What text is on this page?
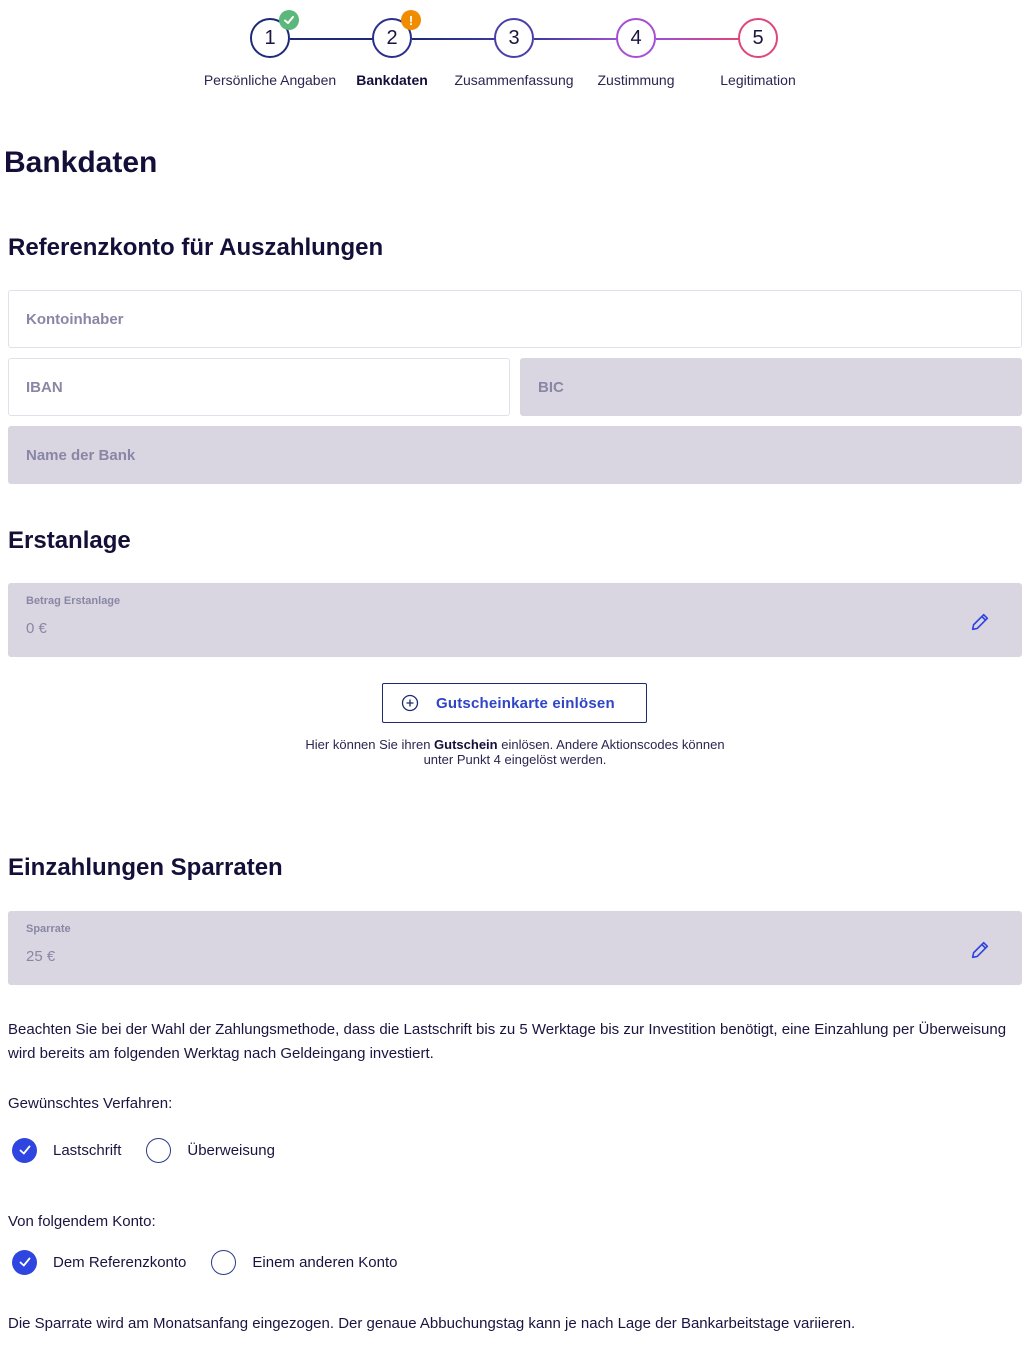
1	2
!
3	4	5
Persönliche Angaben Bankdaten Zusammenfassung Zustimmung	Legitimation
Bankdaten
Referenzkonto für Auszahlungen
Kontoinhaber
IBAN	BIC
Name der Bank
Erstanlage
Betrag Erstanlage
0 €
Gutscheinkarte einlösen
Hier können Sie ihren Gutschein einlösen. Andere Aktionscodes können unter Punkt 4 eingelöst werden.
Einzahlungen Sparraten
Sparrate
25 €
Beachten Sie bei der Wahl der Zahlungsmethode, dass die Lastschrift bis zu 5 Werktage bis zur Investition benötigt, eine Einzahlung per Überweisung wird bereits am folgenden Werktag nach Geldeingang investiert.
Gewünschtes Verfahren:
Lastschrift	Überweisung
Von folgendem Konto:
Dem Referenzkonto	Einem anderen Konto
Die Sparrate wird am Monatsanfang eingezogen. Der genaue Abbuchungstag kann je nach Lage der Bankarbeitstage variieren.
